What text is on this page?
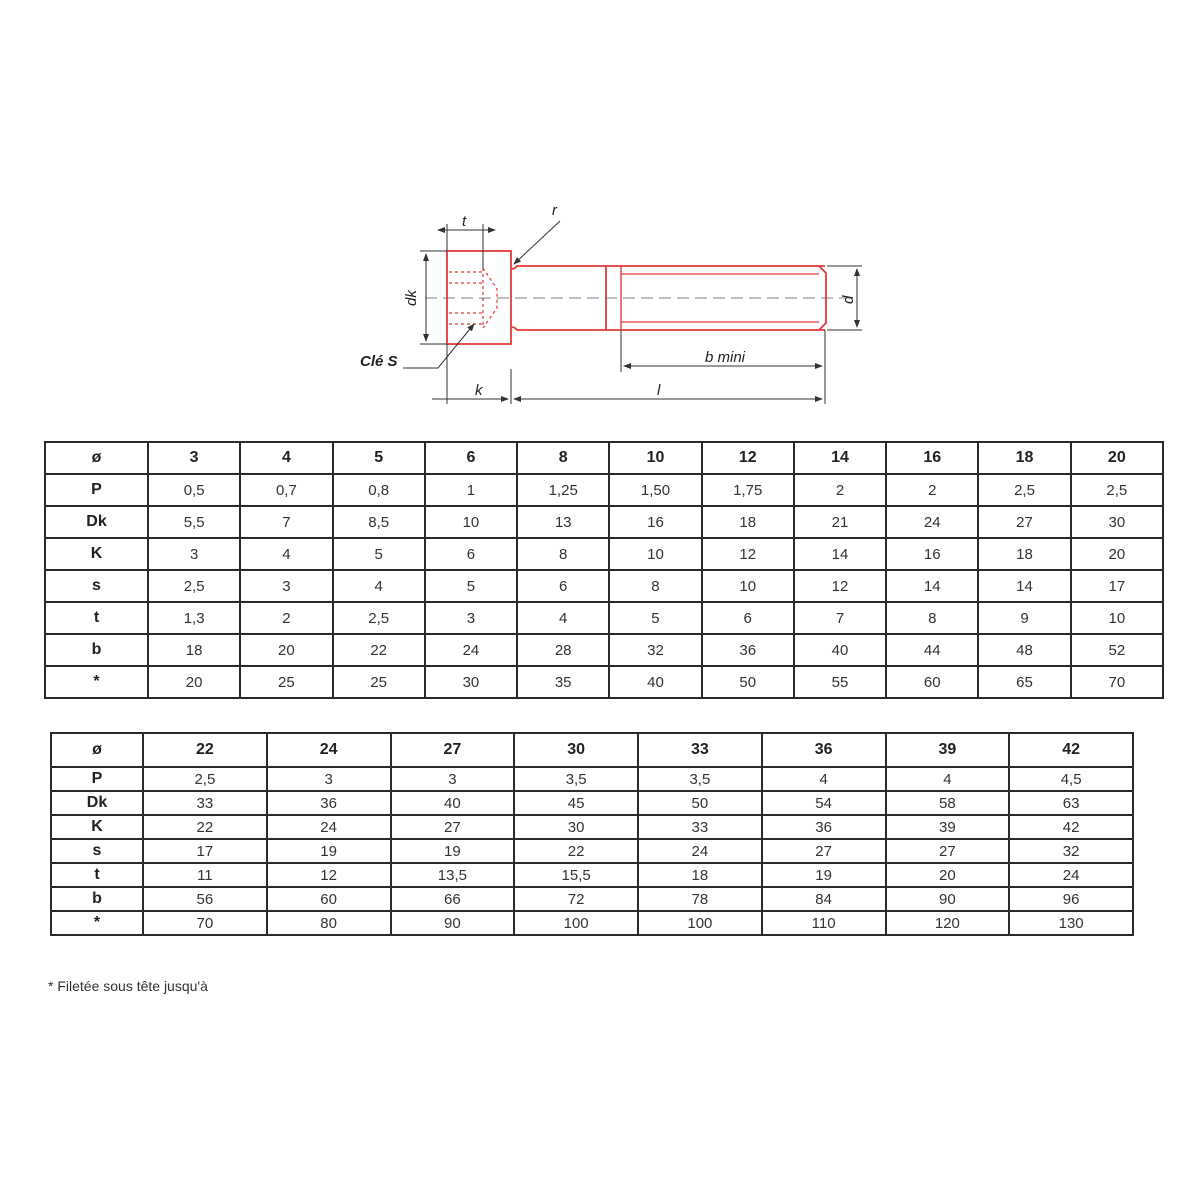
t
r
dk	d
Clé S	b mini
k	l
ø	3	4	5	6	8	10	12	14	16	18	20
P	0,5	0,7	0,8	1	1,25	1,50	1,75	2	2	2,5	2,5
Dk	5,5	7	8,5	10	13	16	18	21	24	27	30
K	3	4	5	6	8	10	12	14	16	18	20
s	2,5	3	4	5	6	8	10	12	14	14	17
t	1,3	2	2,5	3	4	5	6	7	8	9	10
b	18	20	22	24	28	32	36	40	44	48	52
*	20	25	25	30	35	40	50	55	60	65	70
ø	22	24	27	30	33	36	39	42
P	2,5	3	3	3,5	3,5	4	4	4,5
Dk	33	36	40	45	50	54	58	63
K	22	24	27	30	33	36	39	42
s	17	19	19	22	24	27	27	32
t	11	12	13,5	15,5	18	19	20	24
b	56	60	66	72	78	84	90	96
*	70	80	90	100	100	110	120	130
* Filetée sous tête jusqu'à
